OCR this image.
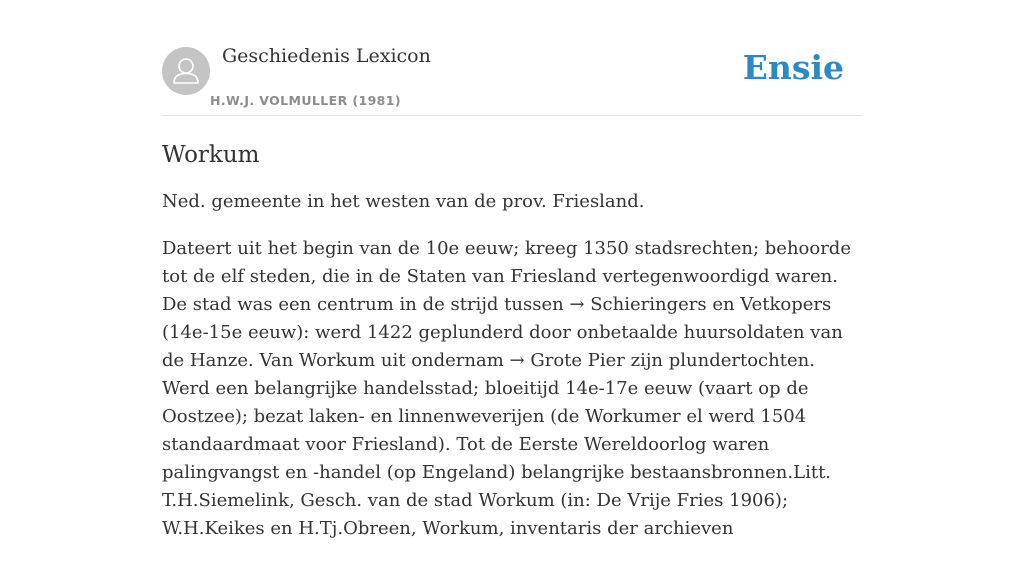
Geschiedenis Lexicon
H.W.J. VOLMULLER (1981)
Ensie
Workum

Ned. gemeente in het westen van de prov. Friesland.

Dateert uit het begin van de 10e eeuw; kreeg 1350 stadsrechten; behoorde tot de elf steden, die in de Staten van Friesland vertegenwoordigd waren. De stad was een centrum in de strijd tussen → Schieringers en Vetkopers (14e-15e eeuw): werd 1422 geplunderd door onbetaalde huursoldaten van de Hanze. Van Workum uit ondernam → Grote Pier zijn plundertochten. Werd een belangrijke handelsstad; bloeitijd 14e-17e eeuw (vaart op de Oostzee); bezat laken- en linnenweverijen (de Workumer el werd 1504 standaardmaat voor Friesland). Tot de Eerste Wereldoorlog waren palingvangst en -handel (op Engeland) belangrijke bestaansbronnen.Litt. T.H.Siemelink, Gesch. van de stad Workum (in: De Vrije Fries 1906); W.H.Keikes en H.Tj.Obreen, Workum, inventaris der archieven
